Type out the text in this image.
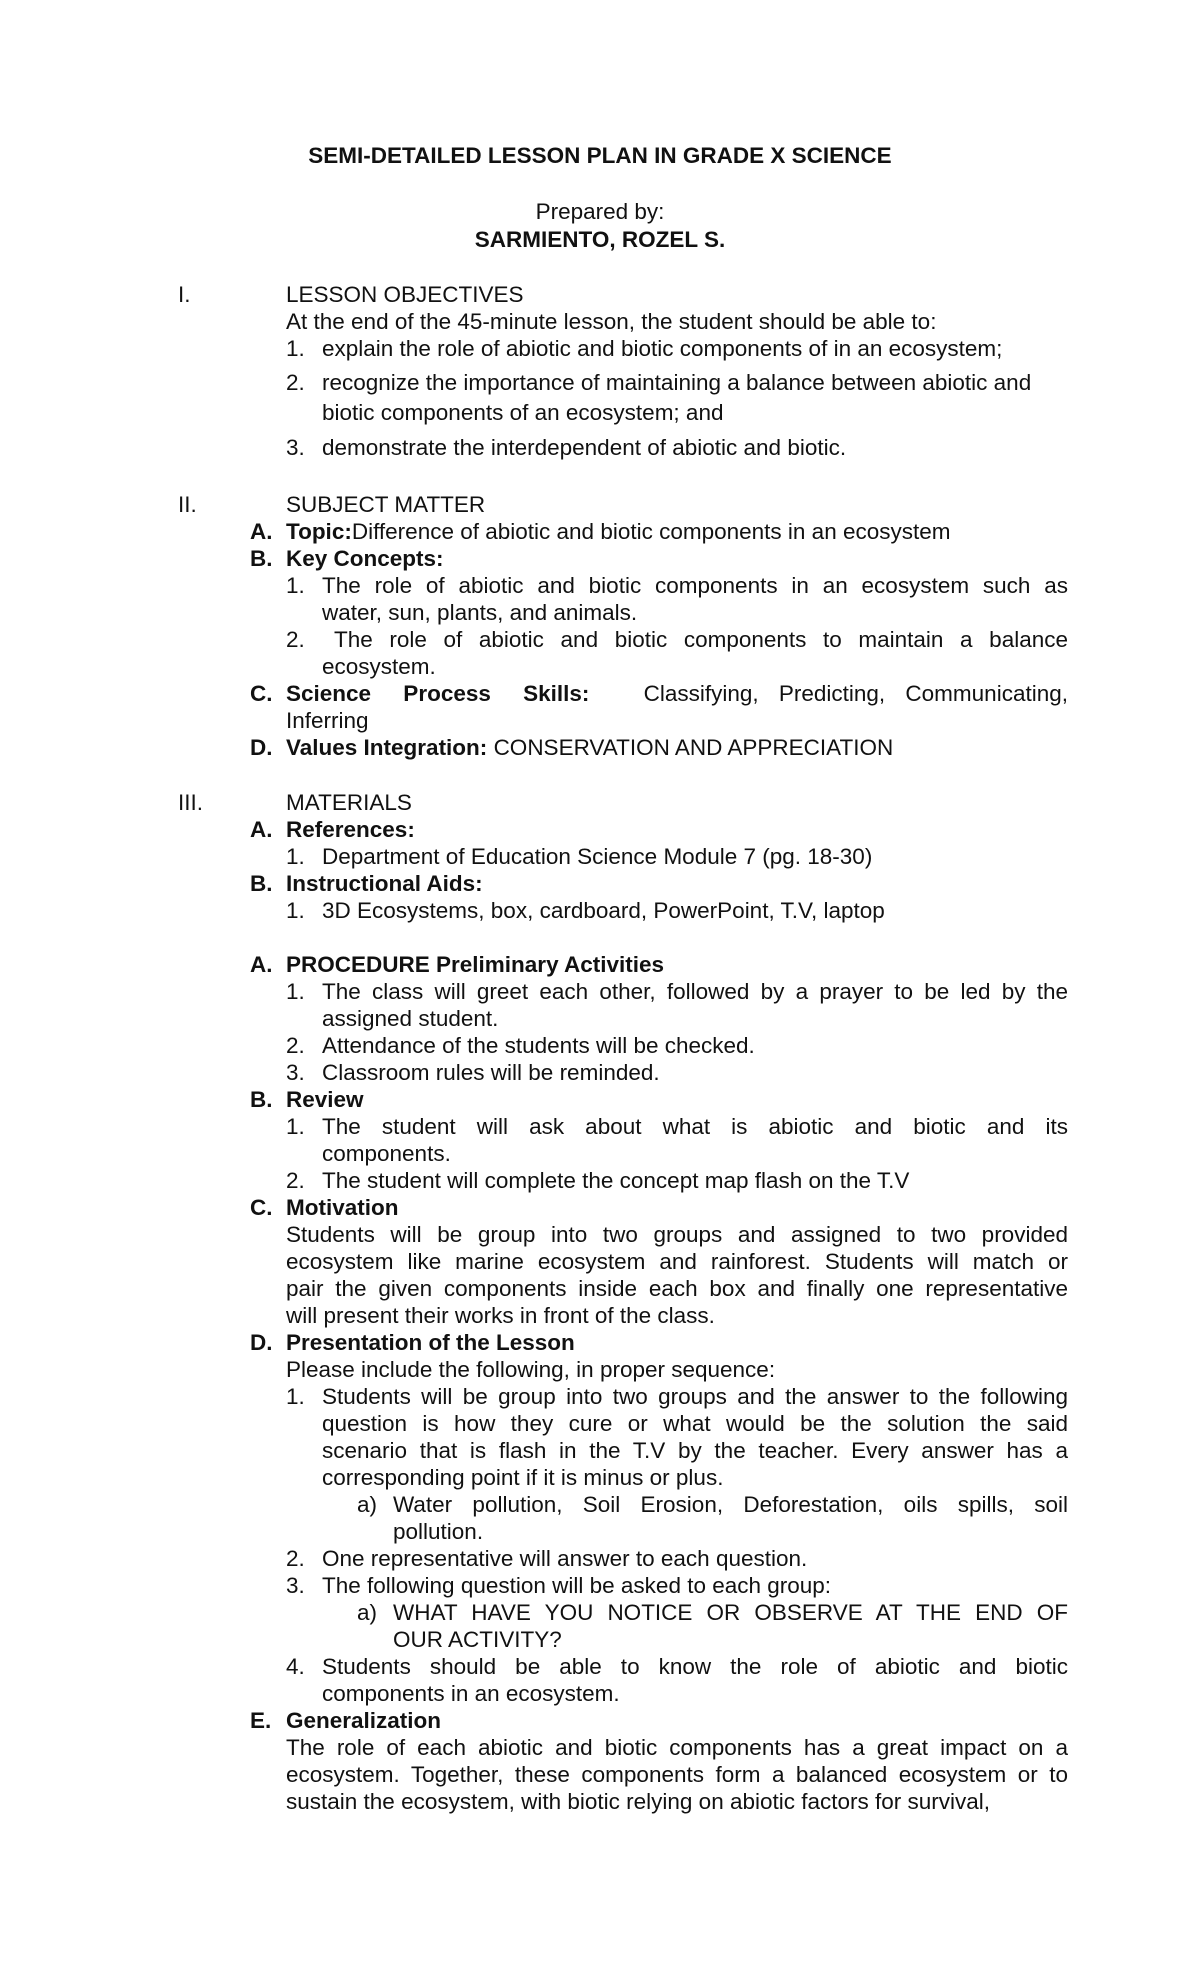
SEMI-DETAILED LESSON PLAN IN GRADE X SCIENCE
Prepared by:
SARMIENTO, ROZEL S.
I.	LESSON OBJECTIVES
At the end of the 45-minute lesson, the student should be able to:
1. explain the role of abiotic and biotic components of in an ecosystem;
2. recognize the importance of maintaining a balance between abiotic and
biotic components of an ecosystem; and
3. demonstrate the interdependent of abiotic and biotic.
II.	SUBJECT MATTER
A. Topic:Difference of abiotic and biotic components in an ecosystem
B. Key Concepts:
1. The role of abiotic and biotic components in an ecosystem such as
water, sun, plants, and animals.
2. The role of abiotic and biotic components to maintain a balance
ecosystem.
C. Science Process Skills: Classifying, Predicting, Communicating,
Inferring
D. Values Integration: CONSERVATION AND APPRECIATION
III.	MATERIALS
A. References:
1. Department of Education Science Module 7 (pg. 18-30)
B. Instructional Aids:
1. 3D Ecosystems, box, cardboard, PowerPoint, T.V, laptop
A. PROCEDURE Preliminary Activities
1. The class will greet each other, followed by a prayer to be led by the
assigned student.
2. Attendance of the students will be checked.
3. Classroom rules will be reminded.
B. Review
1. The student will ask about what is abiotic and biotic and its
components.
2. The student will complete the concept map flash on the T.V
C. Motivation
Students will be group into two groups and assigned to two provided
ecosystem like marine ecosystem and rainforest. Students will match or
pair the given components inside each box and finally one representative
will present their works in front of the class.
D. Presentation of the Lesson
Please include the following, in proper sequence:
1. Students will be group into two groups and the answer to the following
question is how they cure or what would be the solution the said
scenario that is flash in the T.V by the teacher. Every answer has a
corresponding point if it is minus or plus.
a) Water pollution, Soil Erosion, Deforestation, oils spills, soil
pollution.
2. One representative will answer to each question.
3. The following question will be asked to each group:
a) WHAT HAVE YOU NOTICE OR OBSERVE AT THE END OF
OUR ACTIVITY?
4. Students should be able to know the role of abiotic and biotic
components in an ecosystem.
E. Generalization
The role of each abiotic and biotic components has a great impact on a
ecosystem. Together, these components form a balanced ecosystem or to
sustain the ecosystem, with biotic relying on abiotic factors for survival,
